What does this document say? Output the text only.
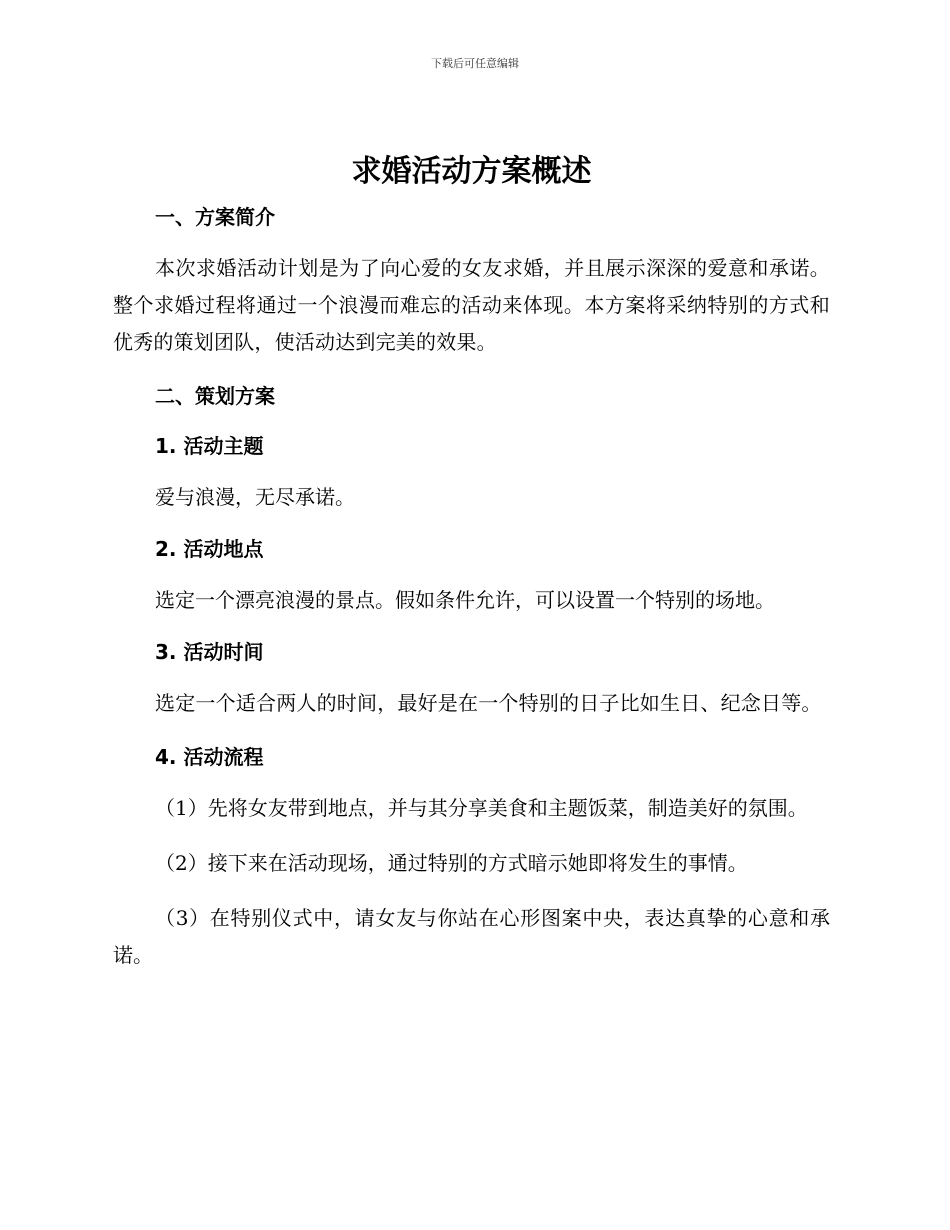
下载后可任意编辑
求婚活动方案概述
一、方案简介

本次求婚活动计划是为了向心爱的女友求婚，并且展示深深的爱意和承诺。整个求婚过程将通过一个浪漫而难忘的活动来体现。本方案将采纳特别的方式和优秀的策划团队，使活动达到完美的效果。

二、策划方案
1. 活动主题

爱与浪漫，无尽承诺。

2. 活动地点

选定一个漂亮浪漫的景点。假如条件允许，可以设置一个特别的场地。

3. 活动时间

选定一个适合两人的时间，最好是在一个特别的日子比如生日、纪念日等。

4. 活动流程

（1）先将女友带到地点，并与其分享美食和主题饭菜，制造美好的氛围。

（2）接下来在活动现场，通过特别的方式暗示她即将发生的事情。

（3）在特别仪式中，请女友与你站在心形图案中央，表达真挚的心意和承诺。
